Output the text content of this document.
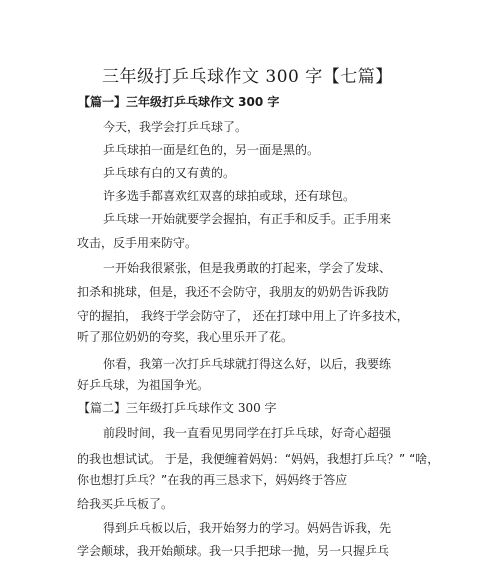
三年级打乒乓球作文 300 字【七篇】
【篇一】三年级打乒乓球作文 300 字
今天，我学会打乒乓球了。
乒乓球拍一面是红色的，另一面是黑的。
乒乓球有白的又有黄的。
许多选手都喜欢红双喜的球拍或球，还有球包。
乒乓球一开始就要学会握拍，有正手和反手。正手用来
攻击，反手用来防守。
一开始我很紧张，但是我勇敢的打起来，学会了发球、
扣杀和挑球，但是，我还不会防守，我朋友的奶奶告诉我防
守的握拍， 我终于学会防守了， 还在打球中用上了许多技术，
听了那位奶奶的夸奖，我心里乐开了花。
你看，我第一次打乒乓球就打得这么好，以后，我要练
好乒乓球，为祖国争光。
【篇二】三年级打乒乓球作文 300 字
前段时间，我一直看见男同学在打乒乓球，好奇心超强
的我也想试试。 于是，我便缠着妈妈：“妈妈，我想打乒乓？” “啥，
你也想打乒乓？”在我的再三恳求下，妈妈终于答应
给我买乒乓板了。
得到乒乓板以后，我开始努力的学习。妈妈告诉我，先
学会颠球，我开始颠球。我一只手把球一抛，另一只握乒乓
